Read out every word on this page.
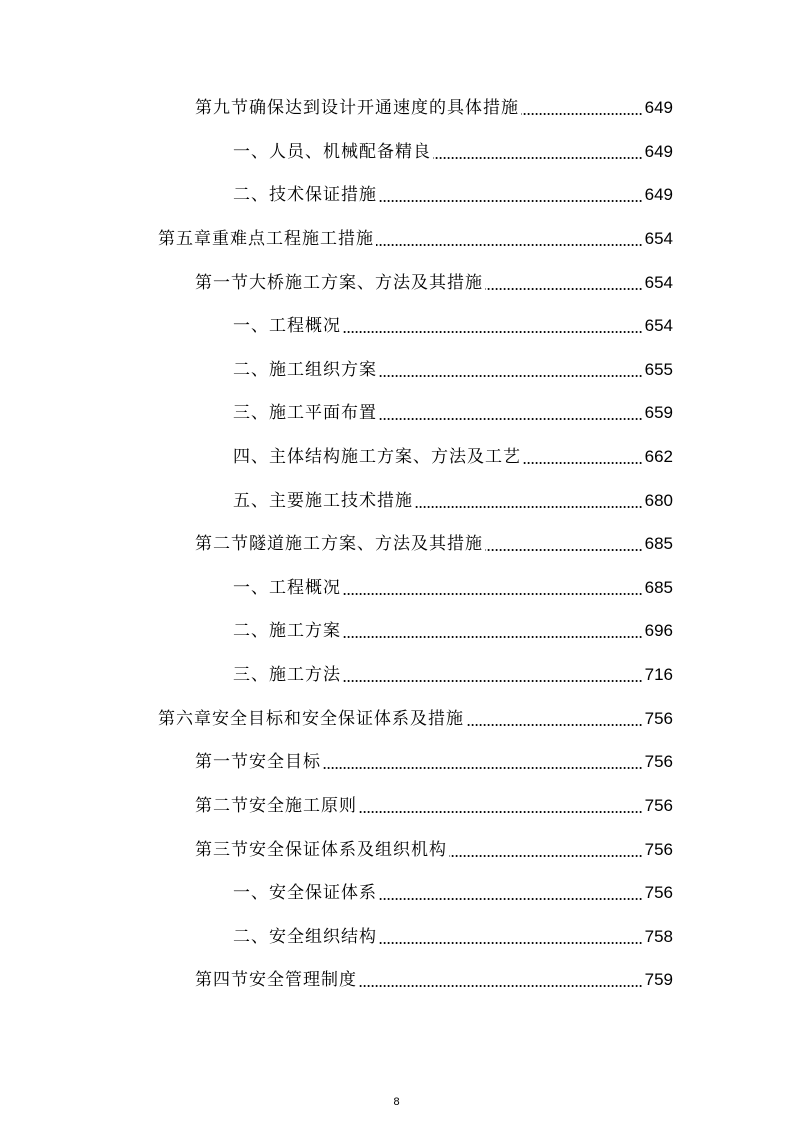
第九节确保达到设计开通速度的具体措施	649
一、人员、机械配备精良	649
二、技术保证措施	649
第五章重难点工程施工措施	654
第一节大桥施工方案、方法及其措施	654
一、工程概况	654
二、施工组织方案	655
三、施工平面布置	659
四、主体结构施工方案、方法及工艺	662
五、主要施工技术措施	680
第二节隧道施工方案、方法及其措施	685
一、工程概况	685
二、施工方案	696
三、施工方法	716
第六章安全目标和安全保证体系及措施	756
第一节安全目标	756
第二节安全施工原则	756
第三节安全保证体系及组织机构	756
一、安全保证体系	756
二、安全组织结构	758
第四节安全管理制度	759
8
